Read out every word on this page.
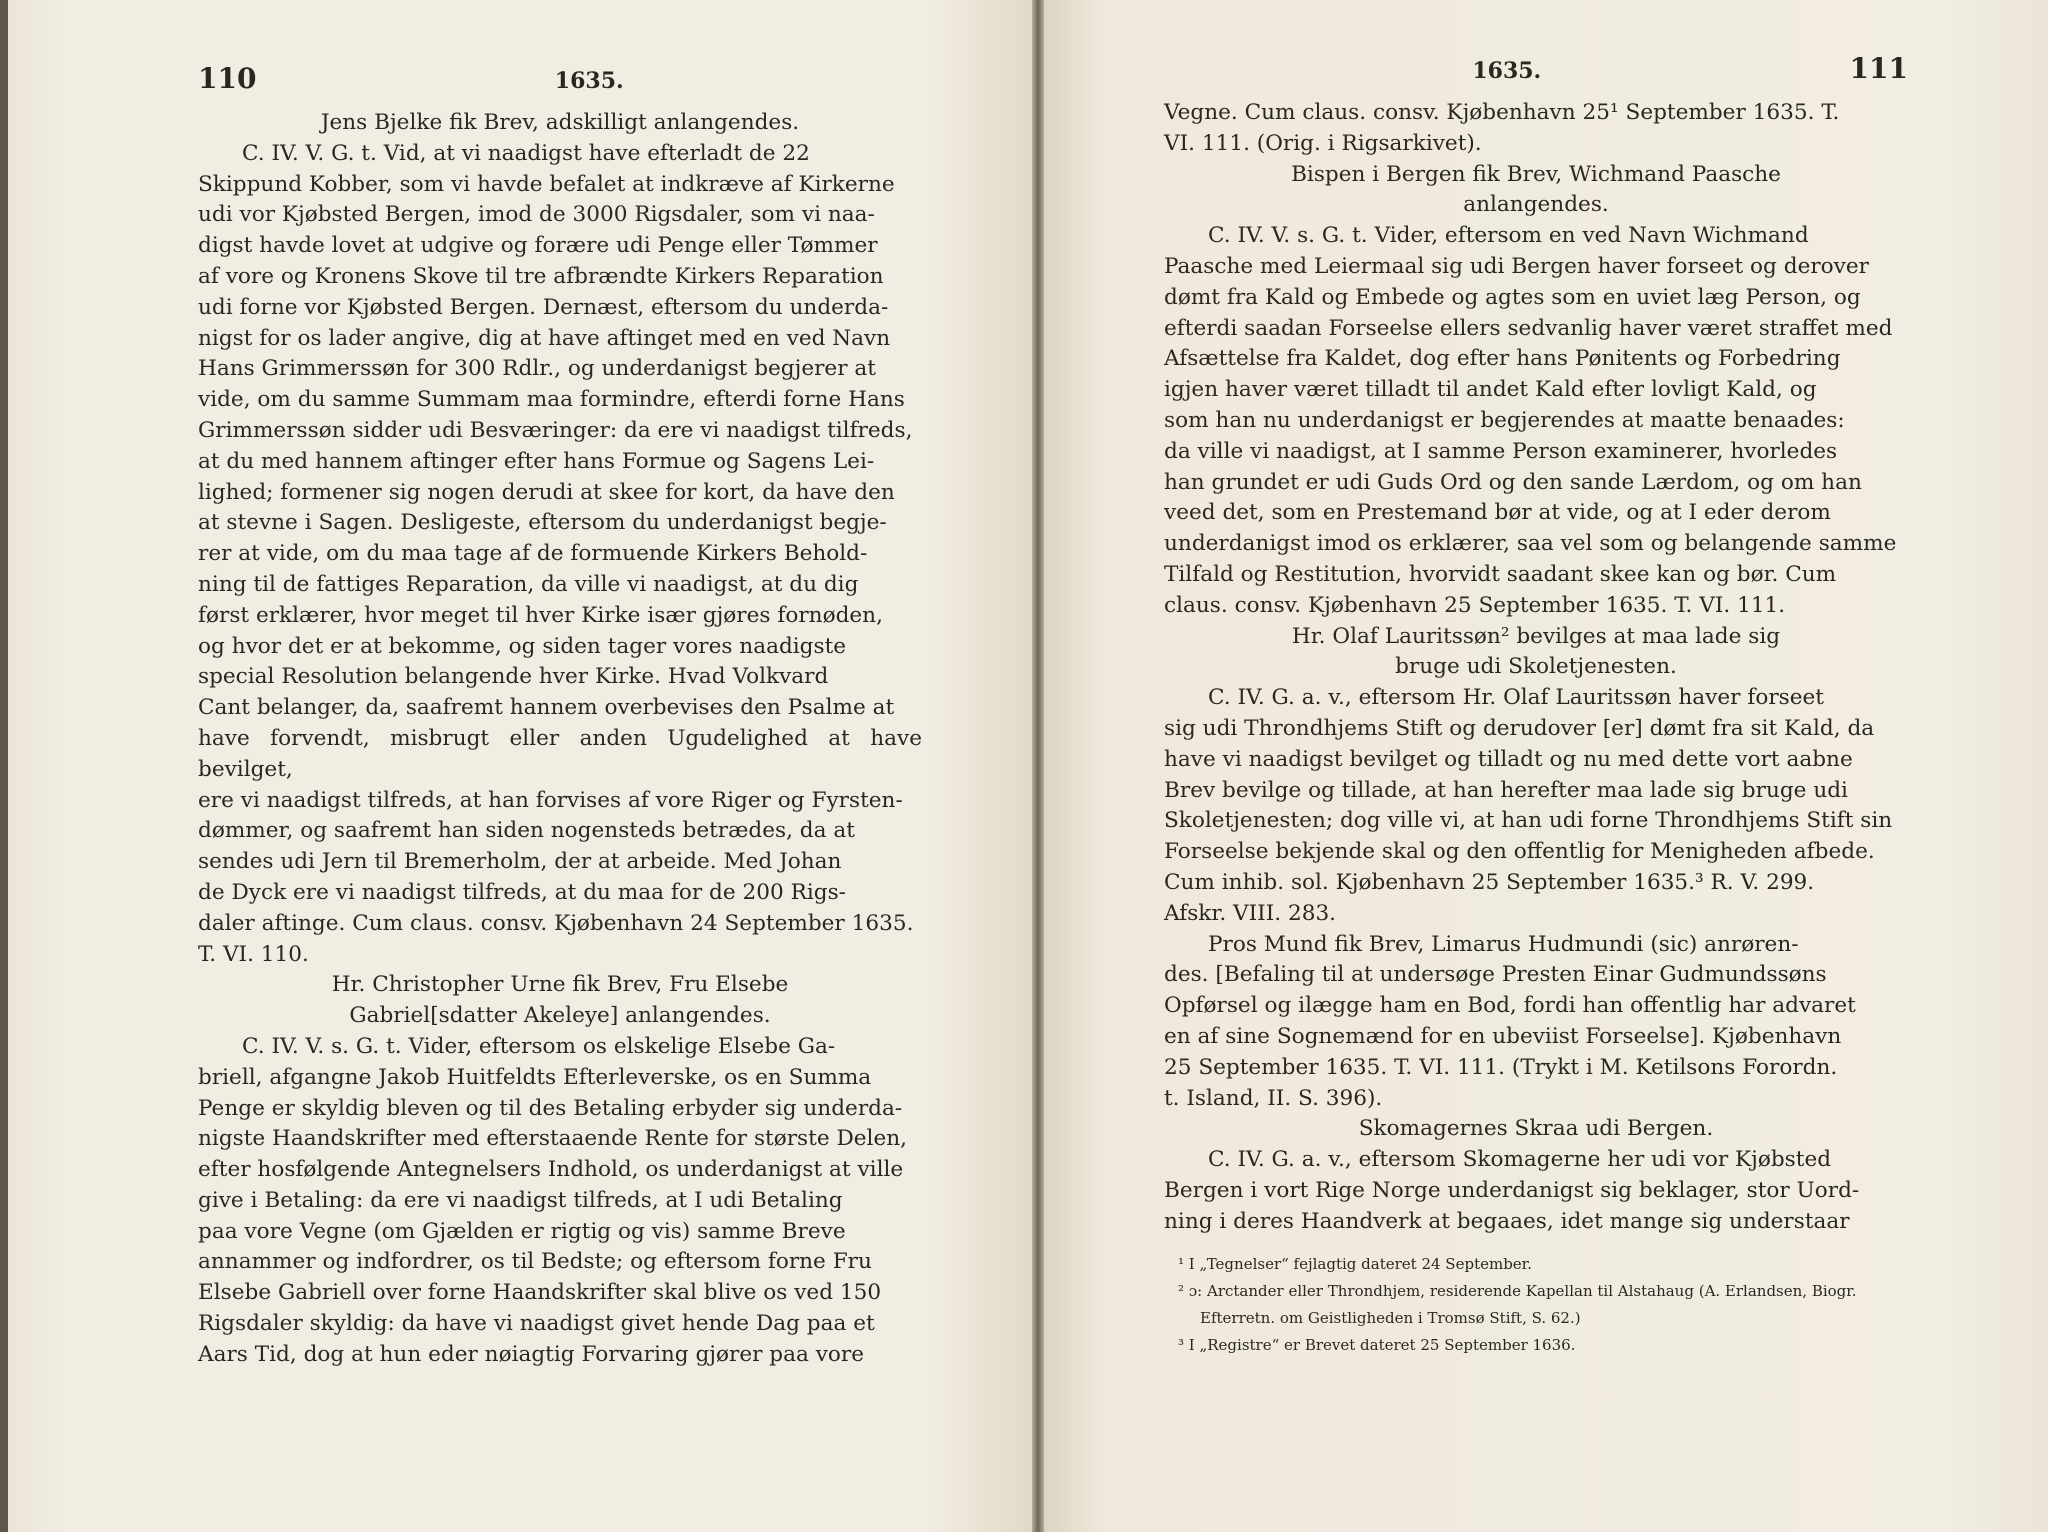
110	1635.

Jens Bjelke fik Brev, adskilligt anlangendes.

C. IV. V. G. t. Vid, at vi naadigst have efterladt de 22

Skippund Kobber, som vi havde befalet at indkræve af Kirkerne

udi vor Kjøbsted Bergen, imod de 3000 Rigsdaler, som vi naa-

digst havde lovet at udgive og forære udi Penge eller Tømmer

af vore og Kronens Skove til tre afbrændte Kirkers Reparation

udi forne vor Kjøbsted Bergen. Dernæst, eftersom du underda-

nigst for os lader angive, dig at have aftinget med en ved Navn

Hans Grimmerssøn for 300 Rdlr., og underdanigst begjerer at

vide, om du samme Summam maa formindre, efterdi forne Hans

Grimmerssøn sidder udi Besværinger: da ere vi naadigst tilfreds,

at du med hannem aftinger efter hans Formue og Sagens Lei-

lighed; formener sig nogen derudi at skee for kort, da have den

at stevne i Sagen. Desligeste, eftersom du underdanigst begje-

rer at vide, om du maa tage af de formuende Kirkers Behold-

ning til de fattiges Reparation, da ville vi naadigst, at du dig

først erklærer, hvor meget til hver Kirke især gjøres fornøden,

og hvor det er at bekomme, og siden tager vores naadigste

special Resolution belangende hver Kirke. Hvad Volkvard

Cant belanger, da, saafremt hannem overbevises den Psalme at

have forvendt, misbrugt eller anden Ugudelighed at have bevilget,

ere vi naadigst tilfreds, at han forvises af vore Riger og Fyrsten-

dømmer, og saafremt han siden nogensteds betrædes, da at

sendes udi Jern til Bremerholm, der at arbeide. Med Johan

de Dyck ere vi naadigst tilfreds, at du maa for de 200 Rigs-

daler aftinge. Cum claus. consv. Kjøbenhavn 24 September 1635.

T. VI. 110.

Hr. Christopher Urne fik Brev, Fru Elsebe

Gabriel[sdatter Akeleye] anlangendes.

C. IV. V. s. G. t. Vider, eftersom os elskelige Elsebe Ga-

briell, afgangne Jakob Huitfeldts Efterleverske, os en Summa

Penge er skyldig bleven og til des Betaling erbyder sig underda-

nigste Haandskrifter med efterstaaende Rente for største Delen,

efter hosfølgende Antegnelsers Indhold, os underdanigst at ville

give i Betaling: da ere vi naadigst tilfreds, at I udi Betaling

paa vore Vegne (om Gjælden er rigtig og vis) samme Breve

annammer og indfordrer, os til Bedste; og eftersom forne Fru

Elsebe Gabriell over forne Haandskrifter skal blive os ved 150

Rigsdaler skyldig: da have vi naadigst givet hende Dag paa et

Aars Tid, dog at hun eder nøiagtig Forvaring gjører paa vore

1635.	111

Vegne. Cum claus. consv. Kjøbenhavn 25¹ September 1635. T.

VI. 111. (Orig. i Rigsarkivet).

Bispen i Bergen fik Brev, Wichmand Paasche

anlangendes.

C. IV. V. s. G. t. Vider, eftersom en ved Navn Wichmand

Paasche med Leiermaal sig udi Bergen haver forseet og derover

dømt fra Kald og Embede og agtes som en uviet læg Person, og

efterdi saadan Forseelse ellers sedvanlig haver været straffet med

Afsættelse fra Kaldet, dog efter hans Pønitents og Forbedring

igjen haver været tilladt til andet Kald efter lovligt Kald, og

som han nu underdanigst er begjerendes at maatte benaades:

da ville vi naadigst, at I samme Person examinerer, hvorledes

han grundet er udi Guds Ord og den sande Lærdom, og om han

veed det, som en Prestemand bør at vide, og at I eder derom

underdanigst imod os erklærer, saa vel som og belangende samme

Tilfald og Restitution, hvorvidt saadant skee kan og bør. Cum

claus. consv. Kjøbenhavn 25 September 1635. T. VI. 111.

Hr. Olaf Lauritssøn² bevilges at maa lade sig

bruge udi Skoletjenesten.

C. IV. G. a. v., eftersom Hr. Olaf Lauritssøn haver forseet

sig udi Throndhjems Stift og derudover [er] dømt fra sit Kald, da

have vi naadigst bevilget og tilladt og nu med dette vort aabne

Brev bevilge og tillade, at han herefter maa lade sig bruge udi

Skoletjenesten; dog ville vi, at han udi forne Throndhjems Stift sin

Forseelse bekjende skal og den offentlig for Menigheden afbede.

Cum inhib. sol. Kjøbenhavn 25 September 1635.³ R. V. 299.

Afskr. VIII. 283.

Pros Mund fik Brev, Limarus Hudmundi (sic) anrøren-

des. [Befaling til at undersøge Presten Einar Gudmundssøns

Opførsel og ilægge ham en Bod, fordi han offentlig har advaret

en af sine Sognemænd for en ubeviist Forseelse]. Kjøbenhavn

25 September 1635. T. VI. 111. (Trykt i M. Ketilsons Forordn.

t. Island, II. S. 396).

Skomagernes Skraa udi Bergen.

C. IV. G. a. v., eftersom Skomagerne her udi vor Kjøbsted

Bergen i vort Rige Norge underdanigst sig beklager, stor Uord-

ning i deres Haandverk at begaaes, idet mange sig understaar

¹ I „Tegnelser“ fejlagtig dateret 24 September.

² ɔ: Arctander eller Throndhjem, residerende Kapellan til Alstahaug (A. Erlandsen, Biogr. Efterretn. om Geistligheden i Tromsø Stift, S. 62.)

³ I „Registre“ er Brevet dateret 25 September 1636.
